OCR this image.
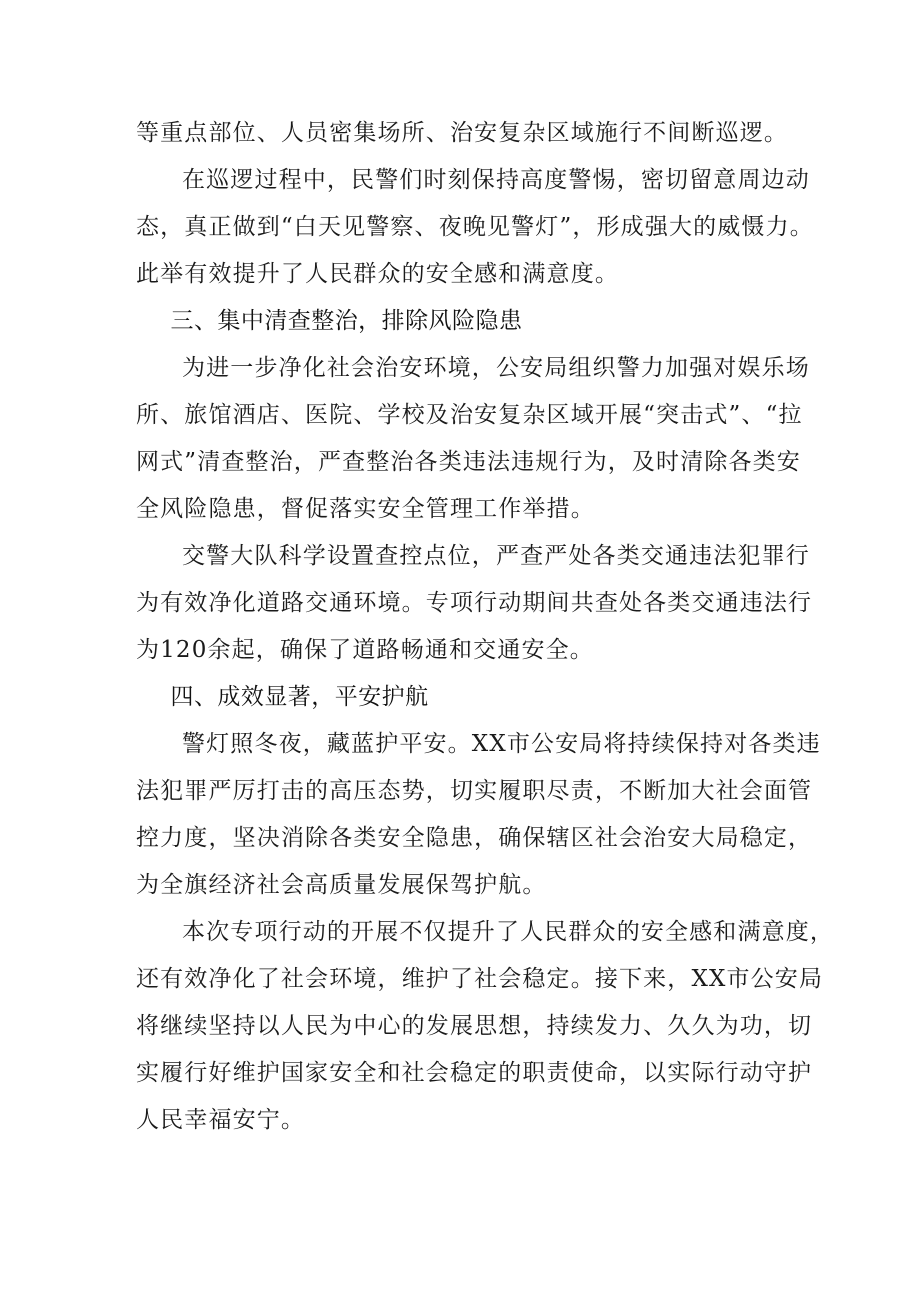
等重点部位、人员密集场所、治安复杂区域施行不间断巡逻。

在巡逻过程中，民警们时刻保持高度警惕，密切留意周边动
态，真正做到“白天见警察、夜晚见警灯”，形成强大的威慑力。
此举有效提升了人民群众的安全感和满意度。

三、集中清查整治，排除风险隐患

为进一步净化社会治安环境，公安局组织警力加强对娱乐场
所、旅馆酒店、医院、学校及治安复杂区域开展“突击式”、“拉
网式”清查整治，严查整治各类违法违规行为，及时清除各类安
全风险隐患，督促落实安全管理工作举措。

交警大队科学设置查控点位，严查严处各类交通违法犯罪行
为有效净化道路交通环境。专项行动期间共查处各类交通违法行
为120余起，确保了道路畅通和交通安全。

四、成效显著，平安护航

警灯照冬夜，藏蓝护平安。XX市公安局将持续保持对各类违
法犯罪严厉打击的高压态势，切实履职尽责，不断加大社会面管
控力度，坚决消除各类安全隐患，确保辖区社会治安大局稳定，
为全旗经济社会高质量发展保驾护航。

本次专项行动的开展不仅提升了人民群众的安全感和满意度，
还有效净化了社会环境，维护了社会稳定。接下来，XX市公安局
将继续坚持以人民为中心的发展思想，持续发力、久久为功，切
实履行好维护国家安全和社会稳定的职责使命，以实际行动守护
人民幸福安宁。
